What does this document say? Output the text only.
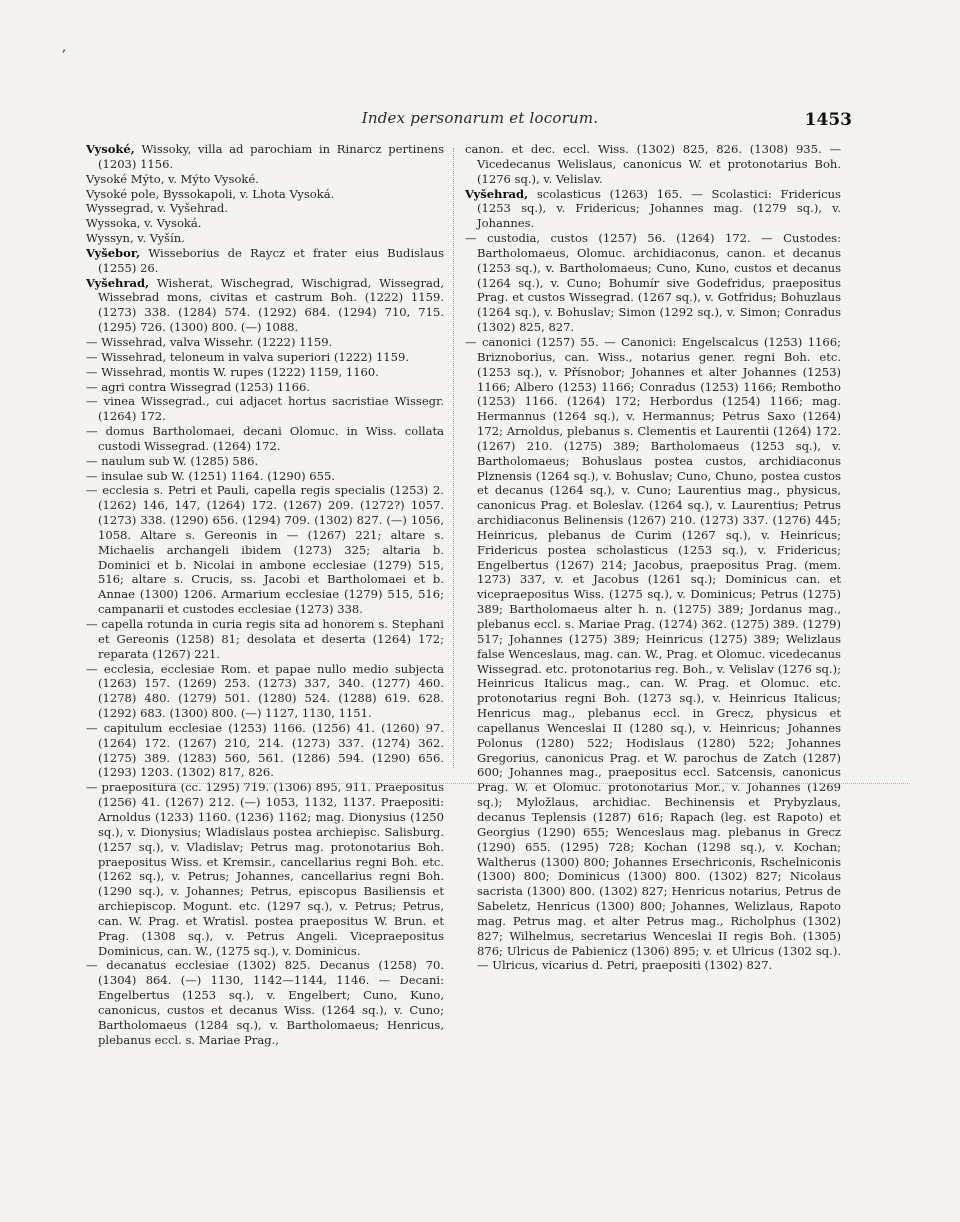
,
Index personarum et locorum.	1453

Vysoké, Wissoky, villa ad parochiam in Rinarcz pertinens (1203) 1156.

Vysoké Mýto, v. Mýto Vysoké.

Vysoké pole, Byssokapoli, v. Lhota Vysoká.

Wyssegrad, v. Vyšehrad.

Wyssoka, v. Vysoká.

Wyssyn, v. Vyšín.

Vyšebor, Wisseborius de Raycz et frater eius Budislaus (1255) 26.

Vyšehrad, Wisherat, Wischegrad, Wischigrad, Wissegrad, Wissebrad mons, civitas et castrum Boh. (1222) 1159. (1273) 338. (1284) 574. (1292) 684. (1294) 710, 715. (1295) 726. (1300) 800. (—) 1088.

— Wissehrad, valva Wissehr. (1222) 1159.

— Wissehrad, teloneum in valva superiori (1222) 1159.

— Wissehrad, montis W. rupes (1222) 1159, 1160.

— agri contra Wissegrad (1253) 1166.

— vinea Wissegrad., cui adjacet hortus sacristiae Wissegr. (1264) 172.

— domus Bartholomaei, decani Olomuc. in Wiss. collata custodi Wissegrad. (1264) 172.

— naulum sub W. (1285) 586.

— insulae sub W. (1251) 1164. (1290) 655.

— ecclesia s. Petri et Pauli, capella regis specialis (1253) 2. (1262) 146, 147, (1264) 172. (1267) 209. (1272?) 1057. (1273) 338. (1290) 656. (1294) 709. (1302) 827. (—) 1056, 1058. Altare s. Gereonis in — (1267) 221; altare s. Michaelis archangeli ibidem (1273) 325; altaria b. Dominici et b. Nicolai in ambone ecclesiae (1279) 515, 516; altare s. Crucis, ss. Jacobi et Bartholomaei et b. Annae (1300) 1206. Armarium ecclesiae (1279) 515, 516; campanarii et custodes ecclesiae (1273) 338.

— capella rotunda in curia regis sita ad honorem s. Stephani et Gereonis (1258) 81; desolata et deserta (1264) 172; reparata (1267) 221.

— ecclesia, ecclesiae Rom. et papae nullo medio subjecta (1263) 157. (1269) 253. (1273) 337, 340. (1277) 460. (1278) 480. (1279) 501. (1280) 524. (1288) 619. 628. (1292) 683. (1300) 800. (—) 1127, 1130, 1151.

— capitulum ecclesiae (1253) 1166. (1256) 41. (1260) 97. (1264) 172. (1267) 210, 214. (1273) 337. (1274) 362. (1275) 389. (1283) 560, 561. (1286) 594. (1290) 656. (1293) 1203. (1302) 817, 826.

— praepositura (cc. 1295) 719. (1306) 895, 911. Praepositus (1256) 41. (1267) 212. (—) 1053, 1132, 1137. Praepositi: Arnoldus (1233) 1160. (1236) 1162; mag. Dionysius (1250 sq.), v. Dionysius; Wladislaus postea archiepisc. Salisburg. (1257 sq.), v. Vladislav; Petrus mag. protonotarius Boh. praepositus Wiss. et Kremsir., cancellarius regni Boh. etc. (1262 sq.), v. Petrus; Johannes, cancellarius regni Boh. (1290 sq.), v. Johannes; Petrus, episcopus Basiliensis et archiepiscop. Mogunt. etc. (1297 sq.), v. Petrus; Petrus, can. W. Prag. et Wratisl. postea praepositus W. Brun. et Prag. (1308 sq.), v. Petrus Angeli. Vicepraepositus Dominicus, can. W., (1275 sq.), v. Dominicus.

— decanatus ecclesiae (1302) 825. Decanus (1258) 70. (1304) 864. (—) 1130, 1142—1144, 1146. — Decani: Engelbertus (1253 sq.), v. Engelbert; Cuno, Kuno, canonicus, custos et decanus Wiss. (1264 sq.), v. Cuno; Bartholomaeus (1284 sq.), v. Bartholomaeus; Henricus, plebanus eccl. s. Mariae Prag.,

canon. et dec. eccl. Wiss. (1302) 825, 826. (1308) 935. — Vicedecanus Welislaus, canonicus W. et protonotarius Boh. (1276 sq.), v. Velislav.

Vyšehrad, scolasticus (1263) 165. — Scolastici: Fridericus (1253 sq.), v. Fridericus; Johannes mag. (1279 sq.), v. Johannes.

— custodia, custos (1257) 56. (1264) 172. — Custodes: Bartholomaeus, Olomuc. archidiaconus, canon. et decanus (1253 sq.), v. Bartholomaeus; Cuno, Kuno, custos et decanus (1264 sq.), v. Cuno; Bohumír sive Godefridus, praepositus Prag. et custos Wissegrad. (1267 sq.), v. Gotfridus; Bohuzlaus (1264 sq.), v. Bohuslav; Simon (1292 sq.), v. Simon; Conradus (1302) 825, 827.

— canonici (1257) 55. — Canonici: Engelscalcus (1253) 1166; Briznoborius, can. Wiss., notarius gener. regni Boh. etc. (1253 sq.), v. Přísnobor; Johannes et alter Johannes (1253) 1166; Albero (1253) 1166; Conradus (1253) 1166; Rembotho (1253) 1166. (1264) 172; Herbordus (1254) 1166; mag. Hermannus (1264 sq.), v. Hermannus; Petrus Saxo (1264) 172; Arnoldus, plebanus s. Clementis et Laurentii (1264) 172. (1267) 210. (1275) 389; Bartholomaeus (1253 sq.), v. Bartholomaeus; Bohuslaus postea custos, archidiaconus Plznensis (1264 sq.), v. Bohuslav; Cuno, Chuno, postea custos et decanus (1264 sq.), v. Cuno; Laurentius mag., physicus, canonicus Prag. et Boleslav. (1264 sq.), v. Laurentius; Petrus archidiaconus Belinensis (1267) 210. (1273) 337. (1276) 445; Heinricus, plebanus de Curim (1267 sq.), v. Heinricus; Fridericus postea scholasticus (1253 sq.), v. Fridericus; Engelbertus (1267) 214; Jacobus, praepositus Prag. (mem. 1273) 337, v. et Jacobus (1261 sq.); Dominicus can. et vicepraepositus Wiss. (1275 sq.), v. Dominicus; Petrus (1275) 389; Bartholomaeus alter h. n. (1275) 389; Jordanus mag., plebanus eccl. s. Mariae Prag. (1274) 362. (1275) 389. (1279) 517; Johannes (1275) 389; Heinricus (1275) 389; Welizlaus false Wenceslaus, mag. can. W., Prag. et Olomuc. vicedecanus Wissegrad. etc. protonotarius reg. Boh., v. Velislav (1276 sq.); Heinricus Italicus mag., can. W. Prag. et Olomuc. etc. protonotarius regni Boh. (1273 sq.), v. Heinricus Italicus; Henricus mag., plebanus eccl. in Grecz, physicus et capellanus Wenceslai II (1280 sq.), v. Heinricus; Johannes Polonus (1280) 522; Hodislaus (1280) 522; Johannes Gregorius, canonicus Prag. et W. parochus de Zatch (1287) 600; Johannes mag., praepositus eccl. Satcensis, canonicus Prag. W. et Olomuc. protonotarius Mor., v. Johannes (1269 sq.); Myložlaus, archidiac. Bechinensis et Prybyzlaus, decanus Teplensis (1287) 616; Rapach (leg. est Rapoto) et Georgius (1290) 655; Wenceslaus mag. plebanus in Grecz (1290) 655. (1295) 728; Kochan (1298 sq.), v. Kochan; Waltherus (1300) 800; Johannes Ersechriconis, Rschelniconis (1300) 800; Dominicus (1300) 800. (1302) 827; Nicolaus sacrista (1300) 800. (1302) 827; Henricus notarius, Petrus de Sabeletz, Henricus (1300) 800; Johannes, Welizlaus, Rapoto mag. Petrus mag. et alter Petrus mag., Richolphus (1302) 827; Wilhelmus, secretarius Wenceslai II regis Boh. (1305) 876; Ulricus de Pabienicz (1306) 895; v. et Ulricus (1302 sq.). — Ulricus, vicarius d. Petri, praepositi (1302) 827.
